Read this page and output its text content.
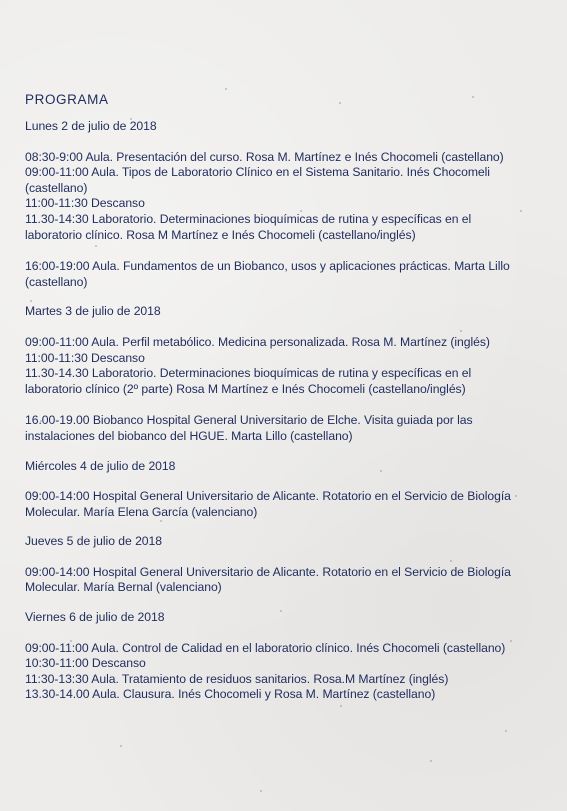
PROGRAMA
Lunes 2 de julio de 2018
08:30-9:00 Aula. Presentación del curso. Rosa M. Martínez e Inés Chocomeli (castellano)
09:00-11:00 Aula. Tipos de Laboratorio Clínico en el Sistema Sanitario. Inés Chocomeli
(castellano)
11:00-11:30 Descanso
11.30-14:30 Laboratorio. Determinaciones bioquímicas de rutina y específicas en el
laboratorio clínico. Rosa M Martínez e Inés Chocomeli (castellano/inglés)
16:00-19:00 Aula. Fundamentos de un Biobanco, usos y aplicaciones prácticas. Marta Lillo
(castellano)
Martes 3 de julio de 2018
09:00-11:00 Aula. Perfil metabólico. Medicina personalizada. Rosa M. Martínez (inglés)
11:00-11:30 Descanso
11.30-14.30 Laboratorio. Determinaciones bioquímicas de rutina y específicas en el
laboratorio clínico (2º parte) Rosa M Martínez e Inés Chocomeli (castellano/inglés)
16.00-19.00 Biobanco Hospital General Universitario de Elche. Visita guiada por las
instalaciones del biobanco del HGUE. Marta Lillo (castellano)
Miércoles 4 de julio de 2018
09:00-14:00 Hospital General Universitario de Alicante. Rotatorio en el Servicio de Biología
Molecular. María Elena García (valenciano)
Jueves 5 de julio de 2018
09:00-14:00 Hospital General Universitario de Alicante. Rotatorio en el Servicio de Biología
Molecular. María Bernal (valenciano)
Viernes 6 de julio de 2018
09:00-11:00 Aula. Control de Calidad en el laboratorio clínico. Inés Chocomeli (castellano)
10:30-11:00 Descanso
11:30-13:30 Aula. Tratamiento de residuos sanitarios. Rosa.M Martínez (inglés)
13.30-14.00 Aula. Clausura. Inés Chocomeli y Rosa M. Martínez (castellano)
